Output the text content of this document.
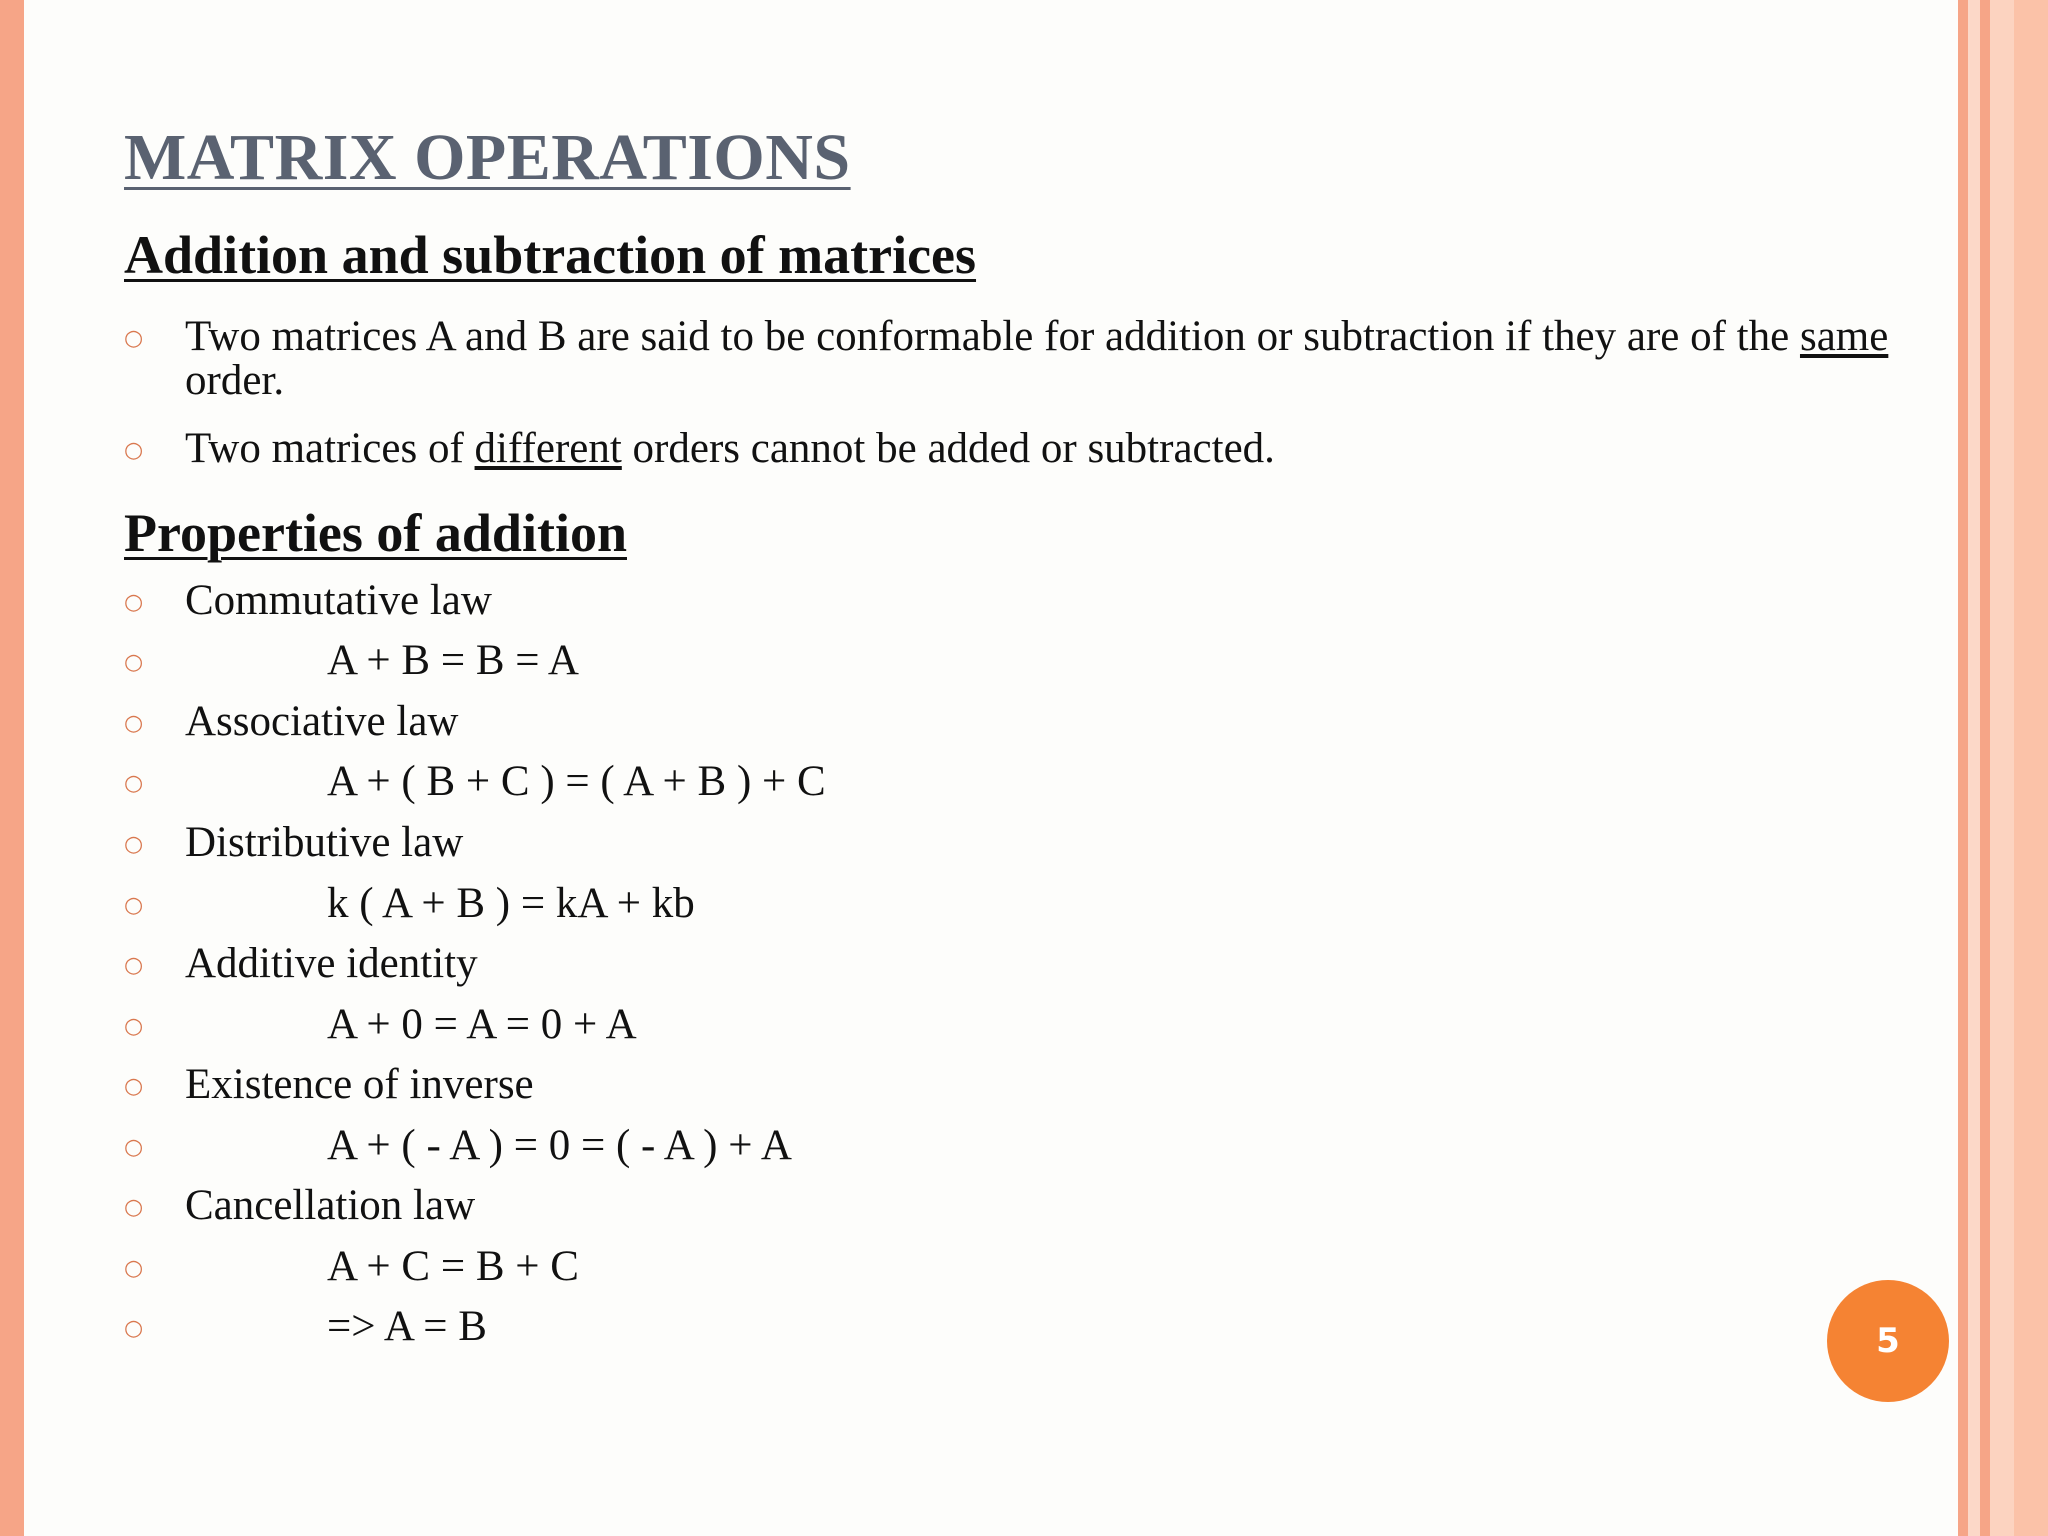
MATRIX OPERATIONS
Addition and subtraction of matrices
○ Two matrices A and B are said to be conformable for addition or subtraction if they are of the same order.
○ Two matrices of different orders cannot be added or subtracted.
Properties of addition
○ Commutative law
○	A + B = B = A
○ Associative law
○	A + ( B + C ) = ( A + B ) + C
○ Distributive law
○	k ( A + B ) = kA + kb
○ Additive identity
○	A + 0 = A = 0 + A
○ Existence of inverse
○	A + ( - A ) = 0 = ( - A ) + A
○ Cancellation law
○	A + C = B + C
○	=> A = B	5
